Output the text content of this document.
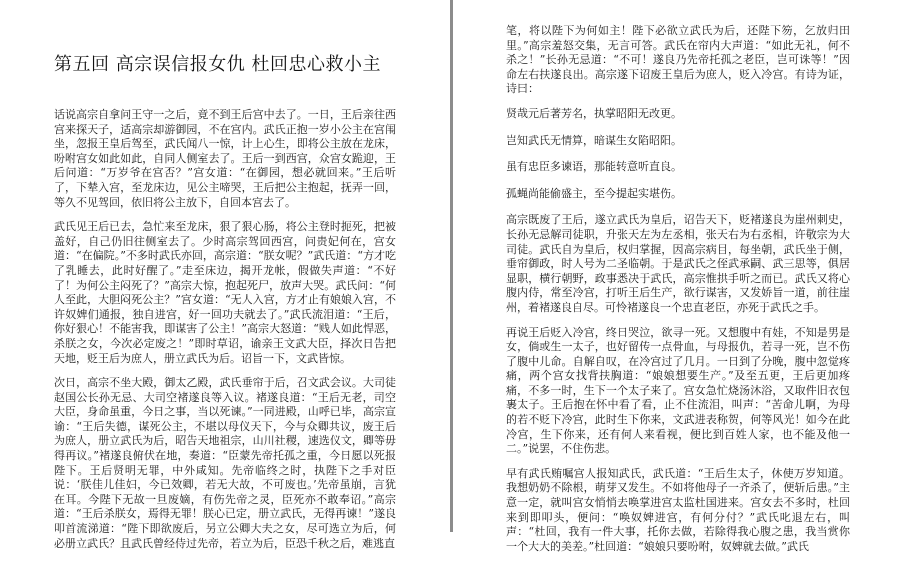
第五回 高宗误信报女仇 杜回忠心救小主

话说高宗自拿问王守一之后，竟不到王后宫中去了。一日，王后亲往西宫来探天子，适高宗却游御园，不在宫内。武氏正抱一岁小公主在宫闱坐，忽报王皇后驾至，武氏闻八一惊，计上心生，即将公主放在龙床，吩咐宫女如此如此，自同人侧室去了。王后一到西宫，众宫女跪迎，王后问道：“万岁爷在宫否？”宫女道：“在御园，想必就回来。”王后听了，下辇入宫，至龙床边，见公主啼哭，王后把公主抱起，抚弄一回，等久不见驾回，依旧将公主放下，自回本宫去了。

武氏见王后已去，急忙来至龙床，狠了狠心肠，将公主登时扼死，把被盖好，自己仍旧往侧室去了。少时高宗驾回西宫，问贵妃何在，宫女道：“在偏院。”不多时武氏亦回，高宗道：“朕女呢？”武氏道：“方才吃了乳睡去，此时好醒了。”走至床边，揭开龙帐，假做失声道：“不好了！为何公主闷死了？”高宗大惊，抱起死尸，放声大哭。武氏问：“何人至此，大胆闷死公主？”宫女道：“无人入宫，方才止有娘娘入宫，不许奴婢们通报，独自进宫，好一回功夫就去了。”武氏流泪道：“王后，你好狠心！不能害我，即谋害了公主！”高宗大怒道：“贱人如此悍恶，杀朕之女，今次必定废之！”即时草诏，谕亲王文武大臣，择次日告把天地，贬王后为庶人，册立武氏为后。诏旨一下，文武皆惊。

次日，高宗不坐大殿，御太乙殿，武氏垂帘于后，召文武会议。大司徒赵国公长孙无忌、大司空褚遂良等入议。褚遂良道：“王后无老，司空大臣，身命虽重，今日之事，当以死谏。”一同进殿，山呼已毕，高宗宣谕：“王后失德，谋死公主，不堪以母仪天下，今与众卿共议，废王后为庶人，册立武氏为后，昭告天地祖宗，山川社稷，速选仪文，卿等毋得再议。”褚遂良俯伏在地，奏道：“臣蒙先帝托孤之重，今日愿以死报陛下。王后贤明无罪，中外咸知。先帝临终之时，执陛下之手对臣说：‘朕佳儿佳妇，今已效卿，若无大故，不可废也。’先帝虽崩，言犹在耳。今陛下无故一旦废嫡，有伤先帝之灵，臣死亦不敢奉诏。”高宗道：“王后杀朕女，焉得无罪！朕心已定，册立武氏，无得再谏！”遂良叩首流涕道：“陛下即欲废后，另立公卿大夫之女，尽可选立为后，何必册立武氏？且武氏曾经侍过先帝，若立为后，臣恐千秋之后，难逃直

笔，将以陛下为何如主！陛下必欲立武氏为后，还陛下笏，乞放归田里。”高宗羞怒交集，无言可答。武氏在帘内大声道：“如此无礼，何不杀之！”长孙无忌道：“不可！遂良乃先帝托孤之老臣，岂可诛等！”因命左右扶遂良出。高宗遂下诏废王皇后为庶人，贬入冷宫。有诗为证，诗曰：

贤哉元后著芳名，执掌昭阳无改更。

岂知武氏无情算，暗谋生女陷昭阳。

虽有忠臣多谏语，那能转意听直良。

孤蝇尚能偷盛主，至今提起实堪伤。

高宗既废了王后，遂立武氏为皇后，诏告天下，贬褚遂良为崖州刺史，长孙无忌解司徒职，升张天左为左丞相，张天右为右丞相，许敬宗为大司徒。武氏自为皇后，权归掌握，因高宗病目，每坐朝，武氏坐于侧，垂帘御政，时人号为二圣临朝。于是武氏之侄武承嗣、武三思等，俱居显职，横行朝野，政事悉决于武氏，高宗惟拱手听之而已。武氏又将心腹内侍，常至冷宫，打听王后生产，欲行谋害，又发娇旨一道，前往崖州，着褚遂良自尽。可怜褚遂良一个忠直老臣，亦死于武氏之手。

再说王后贬入冷宫，终日哭泣，欲寻一死。又想腹中有娃，不知是男是女，倘或生一太子，也好留传一点骨血，与母报仇，若寻一死，岂不伤了腹中儿命。自解自叹，在冷宫过了几月。一日到了分晚，腹中忽觉疼痛，两个宫女找背扶胸道：“娘娘想要生产。”及至五更，王后更加疼痛，不多一时，生下一个太子来了。宫女急忙烧汤沐浴，又取件旧衣包裹太子。王后抱在怀中看了看，止不住流泪，叫声：“苦命儿啊，为母的若不贬下冷宫，此时生下你来，文武进表称贺，何等风光！如今在此冷宫，生下你来，还有何人来看视，便比到百姓人家，也不能及他一二。”说罢，不住伤悲。

早有武氏贿嘱宫人报知武氏，武氏道：“王后生太子，休使万岁知道。我想奶奶不除根，萌芽又发生。不如将他母子一齐杀了，便斩后患。”主意一定，就叫宫女悄悄去唤掌进宫太监杜国进来。宫女去不多时，杜回来到即叩头，便问：“唤奴婢进宫，有何分付？”武氏叱退左右，叫声：“杜回，我有一件大事，托你去做，若除得我心腹之患，我当赏你一个大大的美差。”杜回道：“娘娘只要吩咐，奴婢就去做。”武氏
